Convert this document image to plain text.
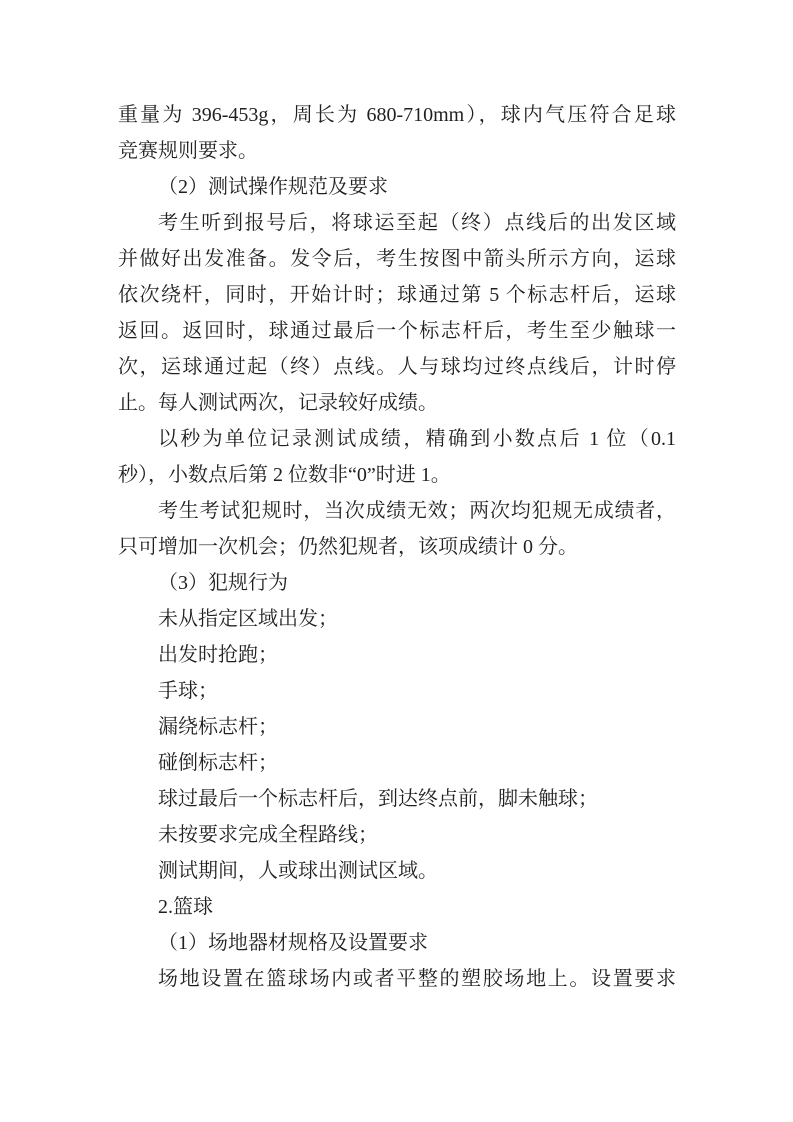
重量为 396-453g，周长为 680-710mm），球内气压符合足球
竞赛规则要求。
（2）测试操作规范及要求
考生听到报号后，将球运至起（终）点线后的出发区域
并做好出发准备。发令后，考生按图中箭头所示方向，运球
依次绕杆，同时，开始计时；球通过第 5 个标志杆后，运球
返回。返回时，球通过最后一个标志杆后，考生至少触球一
次，运球通过起（终）点线。人与球均过终点线后，计时停
止。每人测试两次，记录较好成绩。
以秒为单位记录测试成绩，精确到小数点后 1 位（0.1
秒），小数点后第 2 位数非“0”时进 1。
考生考试犯规时，当次成绩无效；两次均犯规无成绩者，
只可增加一次机会；仍然犯规者，该项成绩计 0 分。
（3）犯规行为
未从指定区域出发；
出发时抢跑；
手球；
漏绕标志杆；
碰倒标志杆；
球过最后一个标志杆后，到达终点前，脚未触球；
未按要求完成全程路线；
测试期间，人或球出测试区域。
2.篮球
（1）场地器材规格及设置要求
场地设置在篮球场内或者平整的塑胶场地上。设置要求
